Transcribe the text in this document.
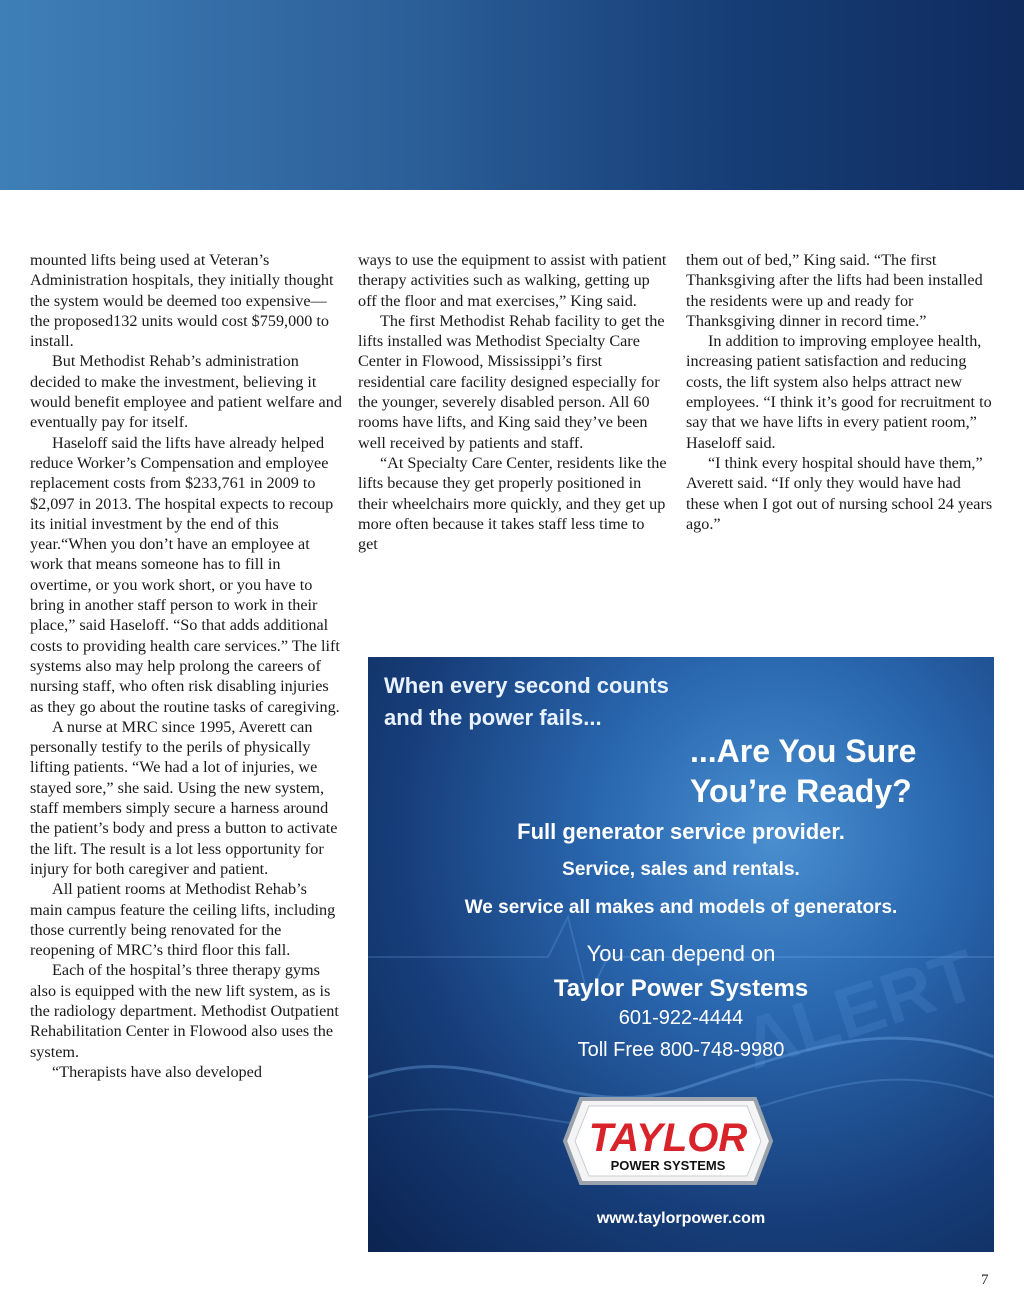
mounted lifts being used at Veteran’s Administration hospitals, they initially thought the system would be deemed too expensive—the proposed132 units would cost $759,000 to install.

But Methodist Rehab’s administration decided to make the investment, believing it would benefit employee and patient welfare and eventually pay for itself.

Haseloff said the lifts have already helped reduce Worker’s Compensation and employee replacement costs from $233,761 in 2009 to $2,097 in 2013. The hospital expects to recoup its initial investment by the end of this year.“When you don’t have an employee at work that means someone has to fill in overtime, or you work short, or you have to bring in another staff person to work in their place,” said Haseloff. “So that adds additional costs to providing health care services.” The lift systems also may help prolong the careers of nursing staff, who often risk disabling injuries as they go about the routine tasks of caregiving.

A nurse at MRC since 1995, Averett can personally testify to the perils of physically lifting patients. “We had a lot of injuries, we stayed sore,” she said. Using the new system, staff members simply secure a harness around the patient’s body and press a button to activate the lift. The result is a lot less opportunity for injury for both caregiver and patient.

All patient rooms at Methodist Rehab’s main campus feature the ceiling lifts, including those currently being renovated for the reopening of MRC’s third floor this fall.

Each of the hospital’s three therapy gyms also is equipped with the new lift system, as is the radiology department. Methodist Outpatient Rehabilitation Center in Flowood also uses the system.

“Therapists have also developed

ways to use the equipment to assist with patient therapy activities such as walking, getting up off the floor and mat exercises,” King said.

The first Methodist Rehab facility to get the lifts installed was Methodist Specialty Care Center in Flowood, Mississippi’s first residential care facility designed especially for the younger, severely disabled person. All 60 rooms have lifts, and King said they’ve been well received by patients and staff.

“At Specialty Care Center, residents like the lifts because they get properly positioned in their wheelchairs more quickly, and they get up more often because it takes staff less time to get

them out of bed,” King said. “The first Thanksgiving after the lifts had been installed the residents were up and ready for Thanksgiving dinner in record time.”

In addition to improving employee health, increasing patient satisfaction and reducing costs, the lift system also helps attract new employees. “I think it’s good for recruitment to say that we have lifts in every patient room,” Haseloff said.

“I think every hospital should have them,” Averett said. “If only they would have had these when I got out of nursing school 24 years ago.”

ALERT
When every second counts
and the power fails...
...Are You Sure
You’re Ready?
Full generator service provider.
Service, sales and rentals.
We service all makes and models of generators.
You can depend on
Taylor Power Systems
601-922-4444
Toll Free 800-748-9980
TAYLOR
POWER SYSTEMS
www.taylorpower.com
7
